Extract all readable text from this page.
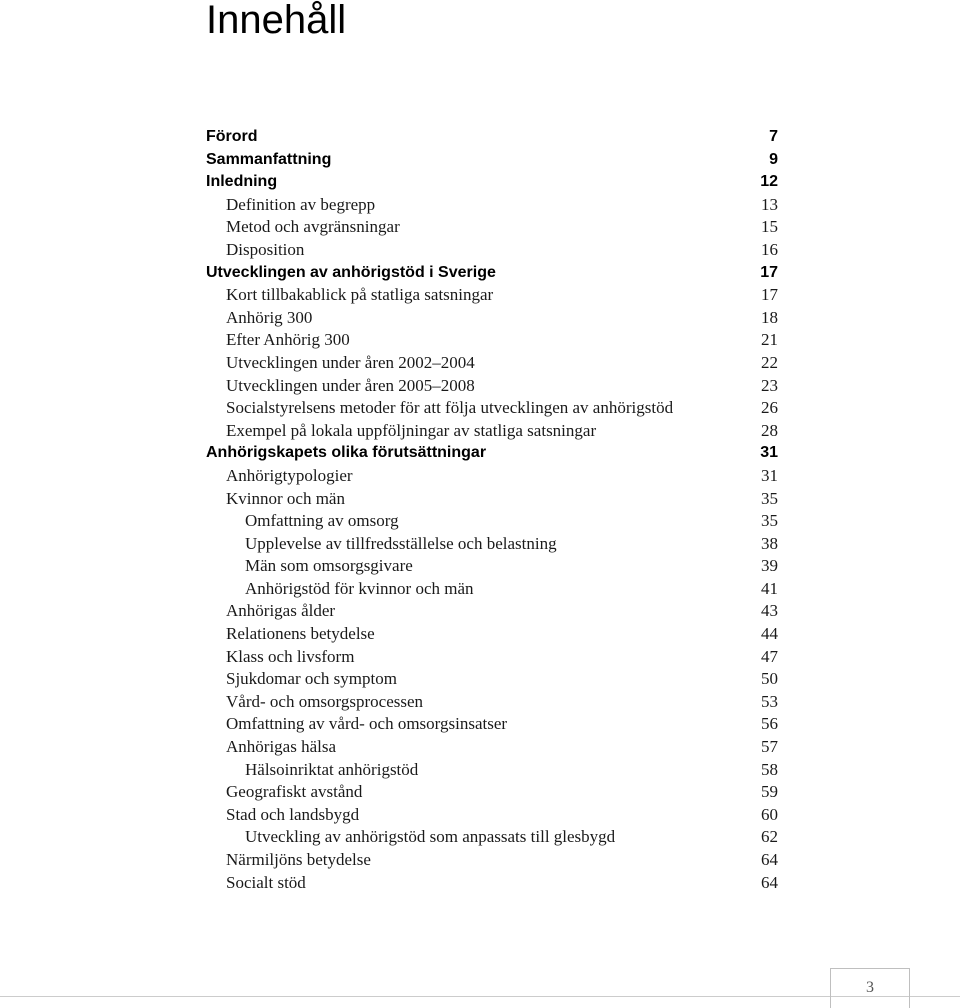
Innehåll
Förord	7
Sammanfattning	9
Inledning	12
Definition av begrepp	13
Metod och avgränsningar	15
Disposition	16
Utvecklingen av anhörigstöd i Sverige	17
Kort tillbakablick på statliga satsningar	17
Anhörig 300	18
Efter Anhörig 300	21
Utvecklingen under åren 2002–2004	22
Utvecklingen under åren 2005–2008	23
Socialstyrelsens metoder för att följa utvecklingen av anhörigstöd	26
Exempel på lokala uppföljningar av statliga satsningar	28
Anhörigskapets olika förutsättningar	31
Anhörigtypologier	31
Kvinnor och män	35
Omfattning av omsorg	35
Upplevelse av tillfredsställelse och belastning	38
Män som omsorgsgivare	39
Anhörigstöd för kvinnor och män	41
Anhörigas ålder	43
Relationens betydelse	44
Klass och livsform	47
Sjukdomar och symptom	50
Vård- och omsorgsprocessen	53
Omfattning av vård- och omsorgsinsatser	56
Anhörigas hälsa	57
Hälsoinriktat anhörigstöd	58
Geografiskt avstånd	59
Stad och landsbygd	60
Utveckling av anhörigstöd som anpassats till glesbygd	62
Närmiljöns betydelse	64
Socialt stöd	64
3
